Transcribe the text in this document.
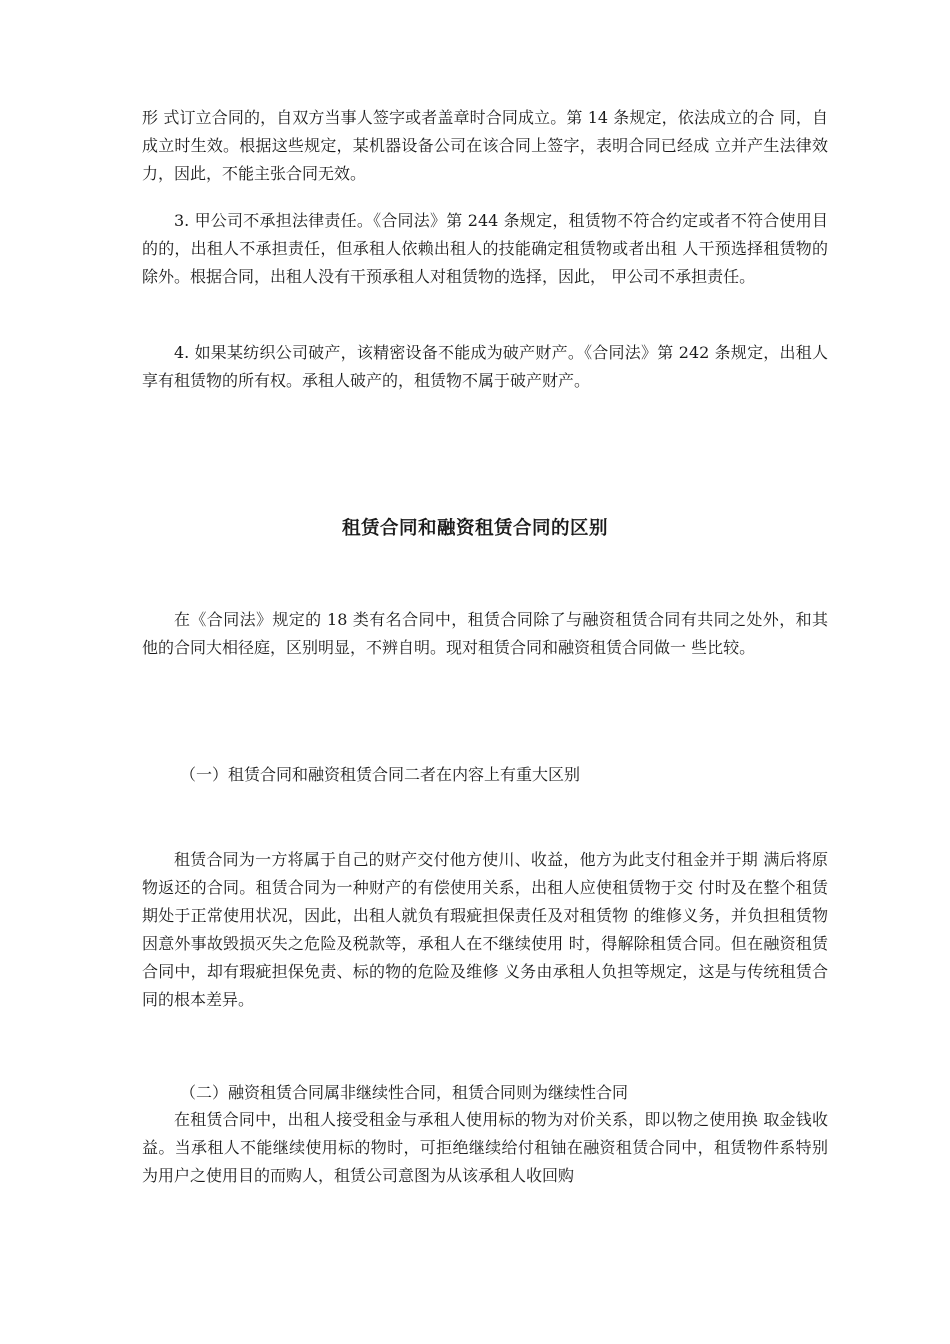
形 式订立合同的，自双方当事人签字或者盖章时合同成立。第 14 条规定，依法成立的合 同，自成立时生效。根据这些规定，某机器设备公司在该合同上签字，表明合同已经成 立并产生法律效力，因此，不能主张合同无效。

3. 甲公司不承担法律责任。《合同法》第 244 条规定，租赁物不符合约定或者不符合使用目的的，出租人不承担责任，但承租人依赖出租人的技能确定租赁物或者出租 人干预选择租赁物的除外。根据合同，出租人没有干预承租人对租赁物的选择，因此， 甲公司不承担责任。

4. 如果某纺织公司破产，该精密设备不能成为破产财产。《合同法》第 242 条规定，出租人享有租赁物的所有权。承租人破产的，租赁物不属于破产财产。

租赁合同和融资租赁合同的区别

在《合同法》规定的 18 类有名合同中，租赁合同除了与融资租赁合同有共同之处外，和其他的合同大相径庭，区别明显，不辨自明。现对租赁合同和融资租赁合同做一 些比较。

（一）租赁合同和融资租赁合同二者在内容上有重大区别

租赁合同为一方将属于自己的财产交付他方使川、收益，他方为此支付租金并于期 满后将原物返还的合同。租赁合同为一种财产的有偿使用关系，出租人应使租赁物于交 付时及在整个租赁期处于正常使用状况，因此，出租人就负有瑕疵担保责任及对租赁物 的维修义务，并负担租赁物因意外事故毁损灭失之危险及税款等，承租人在不继续使用 时，得解除租赁合同。但在融资租赁合同中，却有瑕疵担保免责、标的物的危险及维修 义务由承租人负担等规定，这是与传统租赁合同的根本差异。

（二）融资租赁合同属非继续性合同，租赁合同则为继续性合同

在租赁合同中，出租人接受租金与承租人使用标的物为对价关系，即以物之使用换 取金钱收益。当承租人不能继续使用标的物时，可拒绝继续给付租铀在融资租赁合同中，租赁物件系特别为用户之使用目的而购人，租赁公司意图为从该承租人收回购
